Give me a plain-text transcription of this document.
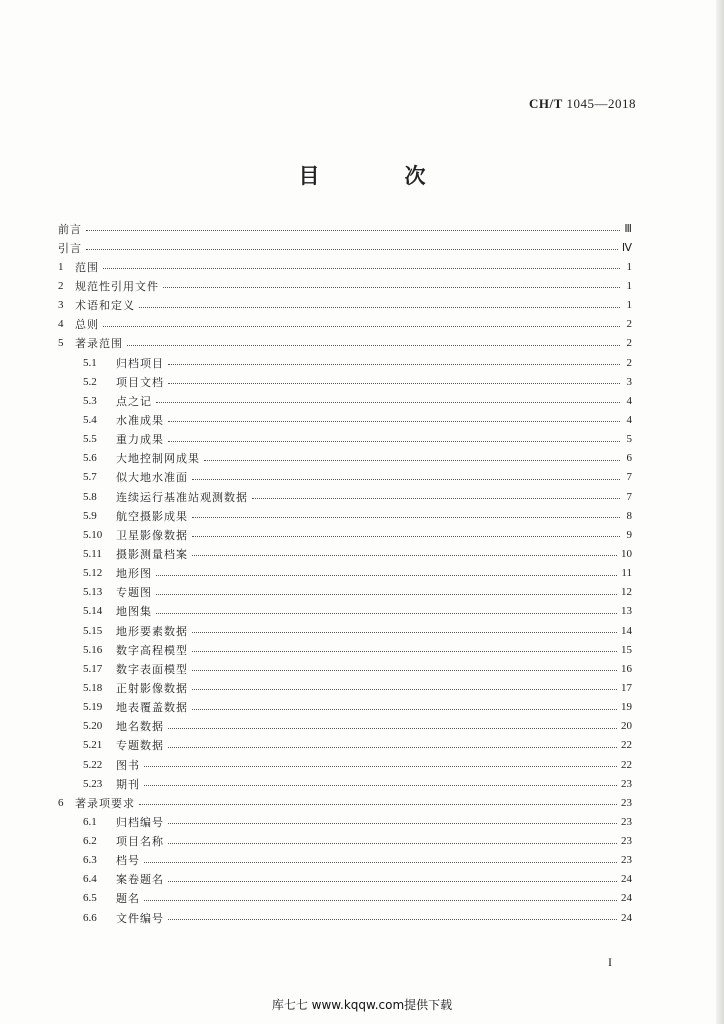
CH/T 1045—2018
目　次
前言	Ⅲ
引言	Ⅳ
1	范围	1
2	规范性引用文件	1
3	术语和定义	1
4	总则	2
5	著录范围	2
5.1	归档项目	2
5.2	项目文档	3
5.3	点之记	4
5.4	水准成果	4
5.5	重力成果	5
5.6	大地控制网成果	6
5.7	似大地水准面	7
5.8	连续运行基准站观测数据	7
5.9	航空摄影成果	8
5.10	卫星影像数据	9
5.11	摄影测量档案	10
5.12	地形图	11
5.13	专题图	12
5.14	地图集	13
5.15	地形要素数据	14
5.16	数字高程模型	15
5.17	数字表面模型	16
5.18	正射影像数据	17
5.19	地表覆盖数据	19
5.20	地名数据	20
5.21	专题数据	22
5.22	图书	22
5.23	期刊	23
6	著录项要求	23
6.1	归档编号	23
6.2	项目名称	23
6.3	档号	23
6.4	案卷题名	24
6.5	题名	24
6.6	文件编号	24
I
库七七 www.kqqw.com提供下载
